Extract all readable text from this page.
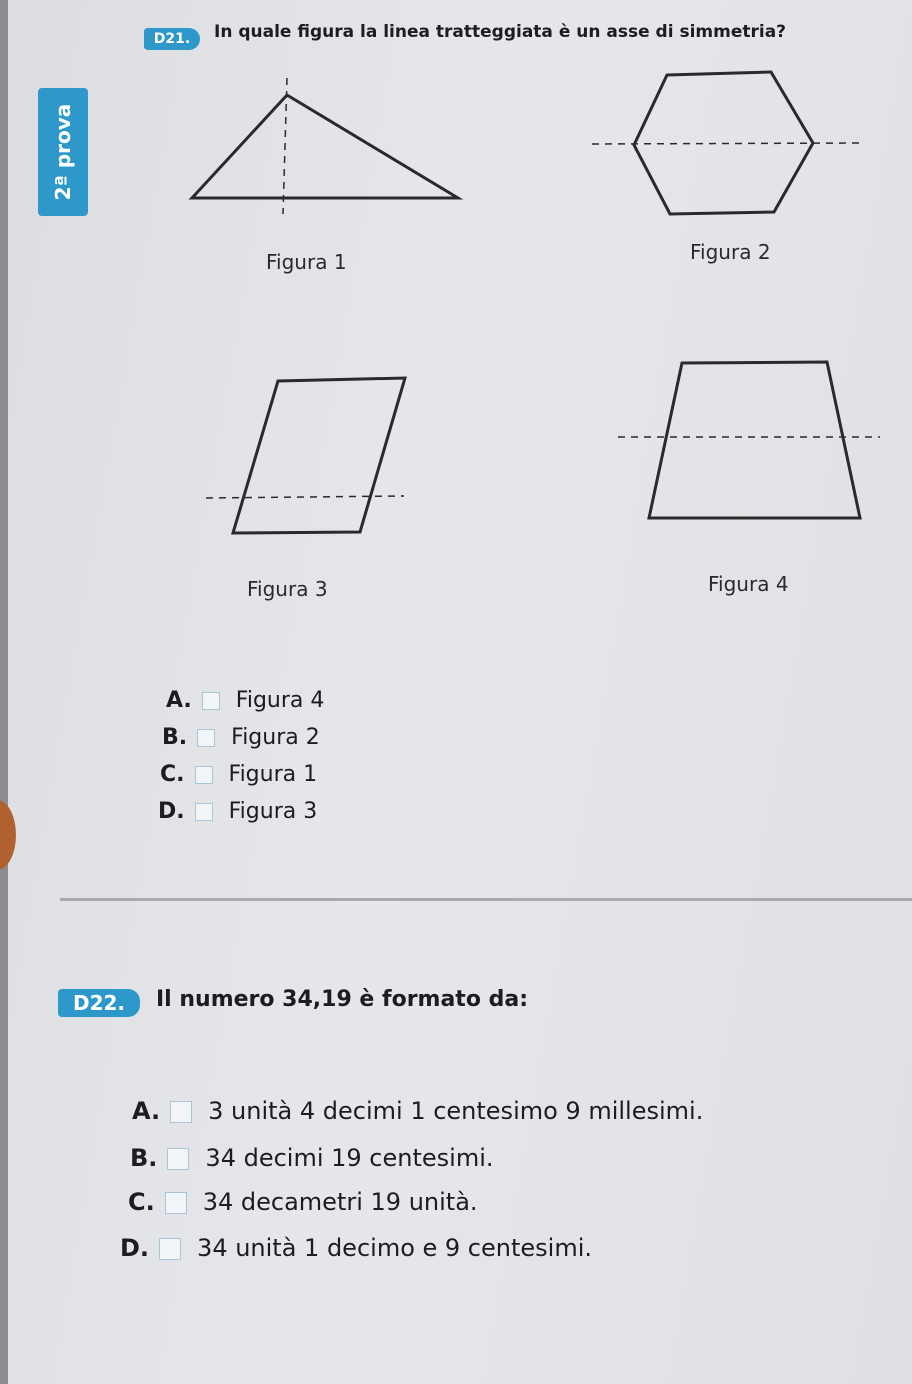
2ª prova
D21.	In quale figura la linea tratteggiata è un asse di simmetria?
Figura 1	Figura 2
Figura 3	Figura 4
A. Figura 4
B. Figura 2
C. Figura 1
D. Figura 3
D22.	Il numero 34,19 è formato da:
A. 3 unità 4 decimi 1 centesimo 9 millesimi.
B. 34 decimi 19 centesimi.
C. 34 decametri 19 unità.
D. 34 unità 1 decimo e 9 centesimi.
